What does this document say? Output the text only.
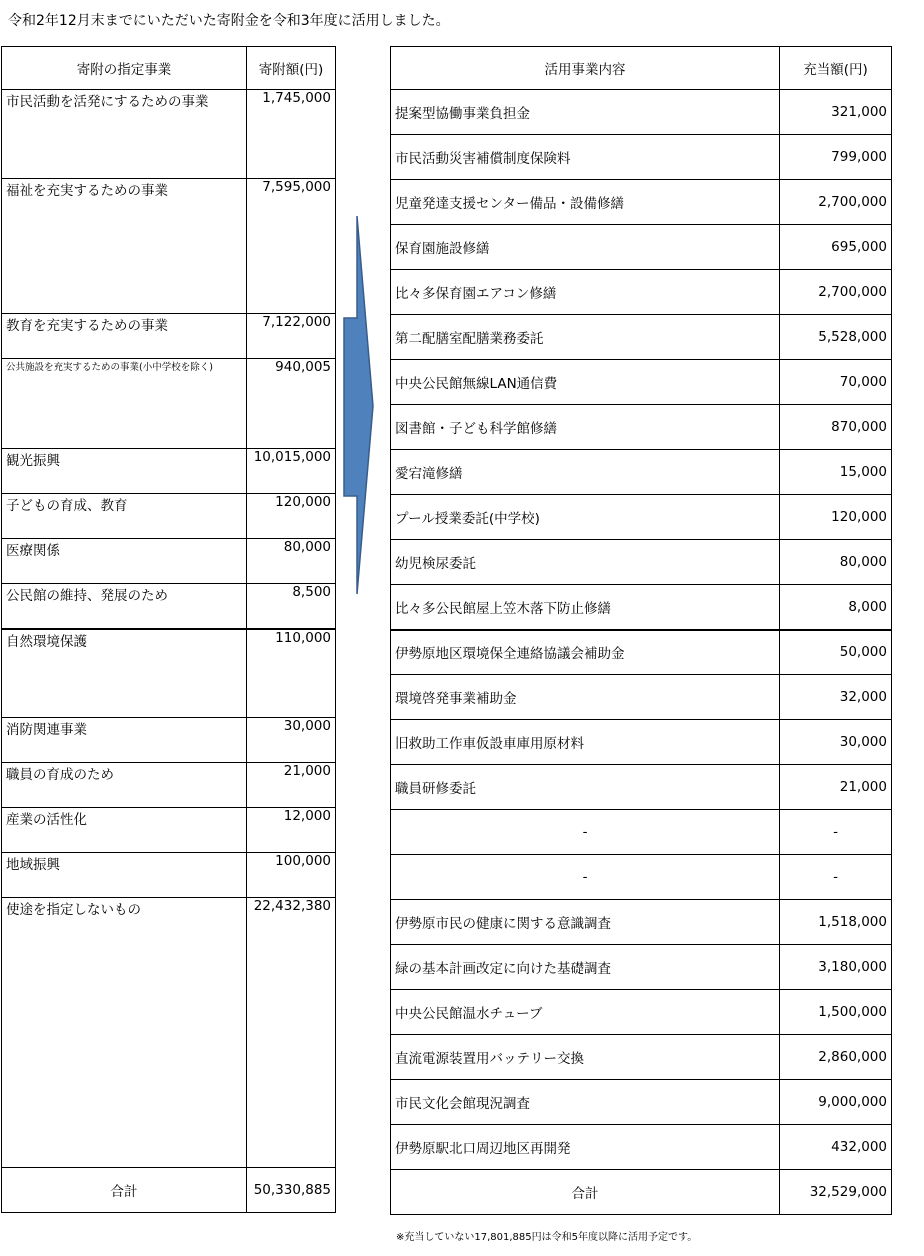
令和2年12月末までにいただいた寄附金を令和3年度に活用しました。
寄附の指定事業	寄附額(円)
市民活動を活発にするための事業	1,745,000
福祉を充実するための事業	7,595,000
教育を充実するための事業	7,122,000
公共施設を充実するための事業(小中学校を除く)	940,005
観光振興	10,015,000
子どもの育成、教育	120,000
医療関係	80,000
公民館の維持、発展のため	8,500
自然環境保護	110,000
消防関連事業	30,000
職員の育成のため	21,000
産業の活性化	12,000
地域振興	100,000
使途を指定しないもの	22,432,380
合計	50,330,885
活用事業内容	充当額(円)
提案型協働事業負担金	321,000
市民活動災害補償制度保険料	799,000
児童発達支援センター備品・設備修繕	2,700,000
保育園施設修繕	695,000
比々多保育園エアコン修繕	2,700,000
第二配膳室配膳業務委託	5,528,000
中央公民館無線LAN通信費	70,000
図書館・子ども科学館修繕	870,000
愛宕滝修繕	15,000
プール授業委託(中学校)	120,000
幼児検尿委託	80,000
比々多公民館屋上笠木落下防止修繕	8,000
伊勢原地区環境保全連絡協議会補助金	50,000
環境啓発事業補助金	32,000
旧救助工作車仮設車庫用原材料	30,000
職員研修委託	21,000
-	-
-	-
伊勢原市民の健康に関する意識調査	1,518,000
緑の基本計画改定に向けた基礎調査	3,180,000
中央公民館温水チューブ	1,500,000
直流電源装置用バッテリー交換	2,860,000
市民文化会館現況調査	9,000,000
伊勢原駅北口周辺地区再開発	432,000
合計	32,529,000
※充当していない17,801,885円は令和5年度以降に活用予定です。
